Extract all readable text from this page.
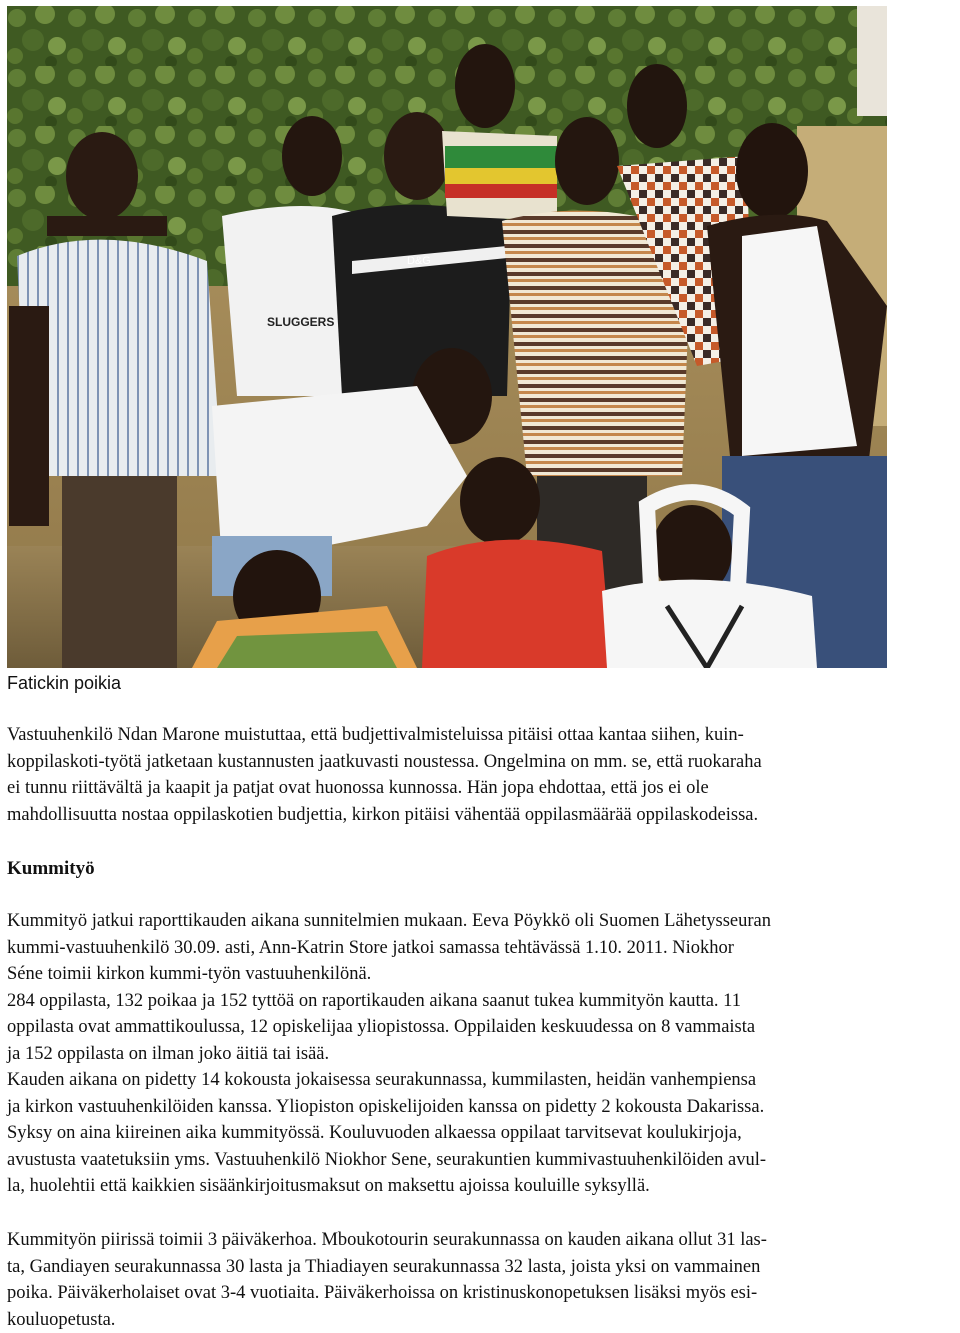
SLUGGERS
D&G

Fatickin poikia

Vastuuhenkilö Ndan Marone muistuttaa, että budjettivalmisteluissa pitäisi ottaa kantaa siihen, kuin-
koppilaskoti-työtä jatketaan kustannusten jaatkuvasti noustessa. Ongelmina on mm. se, että ruokaraha
ei tunnu riittävältä ja kaapit ja patjat ovat huonossa kunnossa. Hän jopa ehdottaa, että jos ei ole
mahdollisuutta nostaa oppilaskotien budjettia, kirkon pitäisi vähentää oppilasmäärää oppilaskodeissa.

Kummityö

Kummityö jatkui raporttikauden aikana sunnitelmien mukaan. Eeva Pöykkö oli Suomen Lähetysseuran
kummi-vastuuhenkilö 30.09. asti, Ann-Katrin Store jatkoi samassa tehtävässä 1.10. 2011. Niokhor
Séne toimii kirkon kummi-työn vastuuhenkilönä.
284 oppilasta, 132 poikaa ja 152 tyttöä on raportikauden aikana saanut tukea kummityön kautta. 11
oppilasta ovat ammattikoulussa, 12 opiskelijaa yliopistossa. Oppilaiden keskuudessa on 8 vammaista
ja 152 oppilasta on ilman joko äitiä tai isää.
Kauden aikana on pidetty 14 kokousta jokaisessa seurakunnassa, kummilasten, heidän vanhempiensa
ja kirkon vastuuhenkilöiden kanssa. Yliopiston opiskelijoiden kanssa on pidetty 2 kokousta Dakarissa.
Syksy on aina kiireinen aika kummityössä. Kouluvuoden alkaessa oppilaat tarvitsevat koulukirjoja,
avustusta vaatetuksiin yms. Vastuuhenkilö Niokhor Sene, seurakuntien kummivastuuhenkilöiden avul-
la, huolehtii että kaikkien sisäänkirjoitusmaksut on maksettu ajoissa kouluille syksyllä.

Kummityön piirissä toimii 3 päiväkerhoa. Mboukotourin seurakunnassa on kauden aikana ollut 31 las-
ta, Gandiayen seurakunnassa 30 lasta ja Thiadiayen seurakunnassa 32 lasta, joista yksi on vammainen
poika. Päiväkerholaiset ovat 3-4 vuotiaita. Päiväkerhoissa on kristinuskonopetuksen lisäksi myös esi-
kouluopetusta.
